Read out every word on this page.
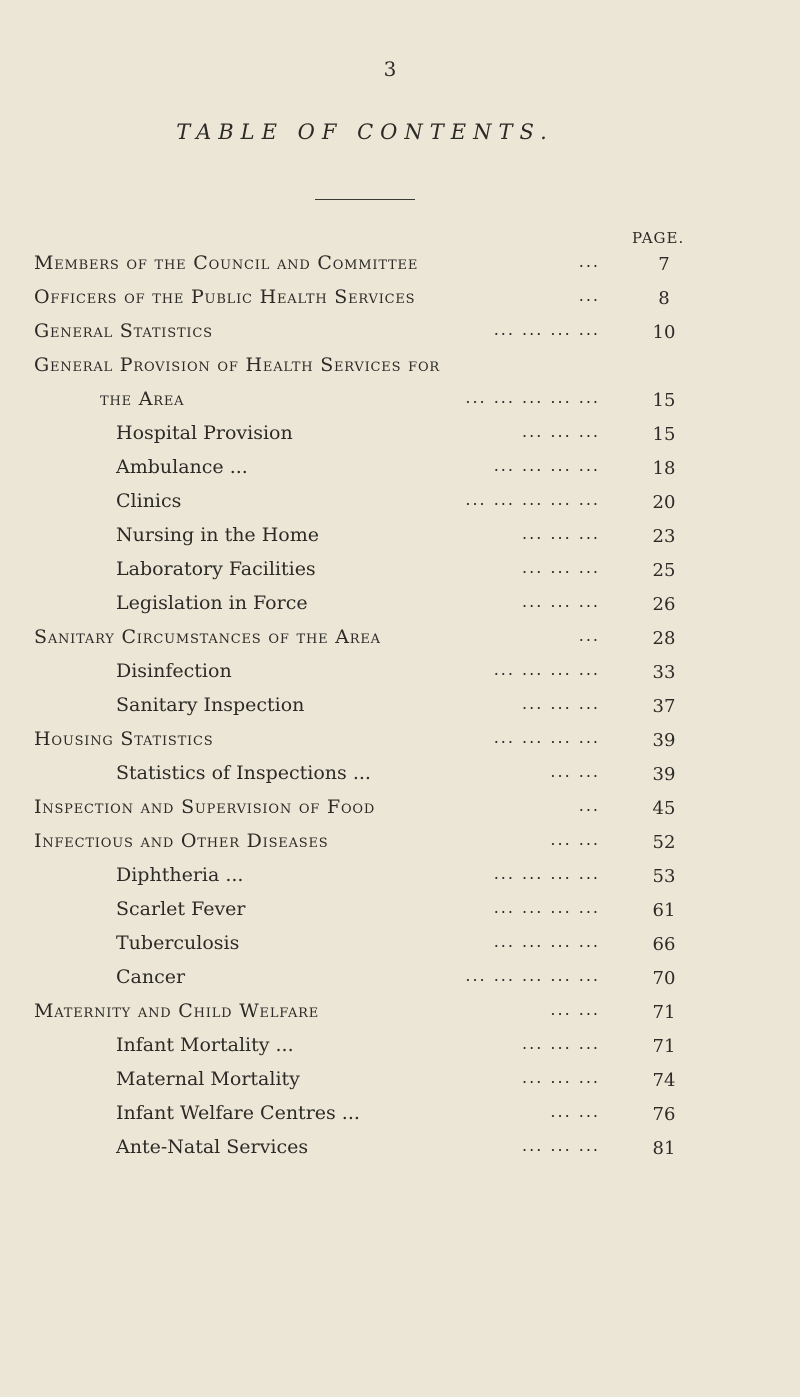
3
TABLE OF CONTENTS.
PAGE.
Members of the Council and Committee	...	7
Officers of the Public Health Services	...	8
General Statistics	... ... ... ...	10
General Provision of Health Services for
the Area	... ... ... ... ...	15
Hospital Provision	... ... ...	15
Ambulance ...	... ... ... ...	18
Clinics	... ... ... ... ...	20
Nursing in the Home	... ... ...	23
Laboratory Facilities	... ... ...	25
Legislation in Force	... ... ...	26
Sanitary Circumstances of the Area	...	28
Disinfection	... ... ... ...	33
Sanitary Inspection	... ... ...	37
Housing Statistics	... ... ... ...	39
Statistics of Inspections ...	... ...	39
Inspection and Supervision of Food	...	45
Infectious and Other Diseases	... ...	52
Diphtheria ...	... ... ... ...	53
Scarlet Fever	... ... ... ...	61
Tuberculosis	... ... ... ...	66
Cancer	... ... ... ... ...	70
Maternity and Child Welfare	... ...	71
Infant Mortality ...	... ... ...	71
Maternal Mortality	... ... ...	74
Infant Welfare Centres ...	... ...	76
Ante-Natal Services	... ... ...	81
